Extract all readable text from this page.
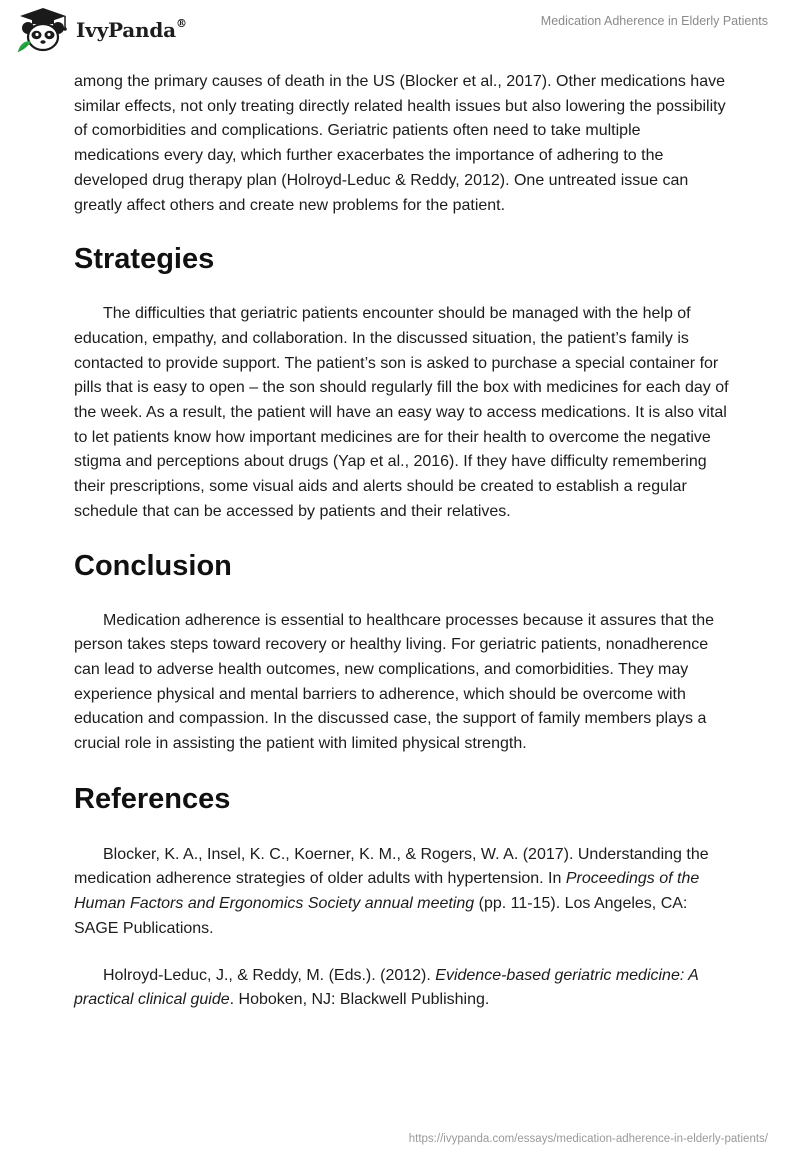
IvyPanda®	Medication Adherence in Elderly Patients

among the primary causes of death in the US (Blocker et al., 2017). Other medications have similar effects, not only treating directly related health issues but also lowering the possibility of comorbidities and complications. Geriatric patients often need to take multiple medications every day, which further exacerbates the importance of adhering to the developed drug therapy plan (Holroyd-Leduc & Reddy, 2012). One untreated issue can greatly affect others and create new problems for the patient.

Strategies

The difficulties that geriatric patients encounter should be managed with the help of education, empathy, and collaboration. In the discussed situation, the patient’s family is contacted to provide support. The patient’s son is asked to purchase a special container for pills that is easy to open – the son should regularly fill the box with medicines for each day of the week. As a result, the patient will have an easy way to access medications. It is also vital to let patients know how important medicines are for their health to overcome the negative stigma and perceptions about drugs (Yap et al., 2016). If they have difficulty remembering their prescriptions, some visual aids and alerts should be created to establish a regular schedule that can be accessed by patients and their relatives.

Conclusion

Medication adherence is essential to healthcare processes because it assures that the person takes steps toward recovery or healthy living. For geriatric patients, nonadherence can lead to adverse health outcomes, new complications, and comorbidities. They may experience physical and mental barriers to adherence, which should be overcome with education and compassion. In the discussed case, the support of family members plays a crucial role in assisting the patient with limited physical strength.

References

Blocker, K. A., Insel, K. C., Koerner, K. M., & Rogers, W. A. (2017). Understanding the medication adherence strategies of older adults with hypertension. In Proceedings of the Human Factors and Ergonomics Society annual meeting (pp. 11-15). Los Angeles, CA: SAGE Publications.

Holroyd-Leduc, J., & Reddy, M. (Eds.). (2012). Evidence-based geriatric medicine: A practical clinical guide. Hoboken, NJ: Blackwell Publishing.

https://ivypanda.com/essays/medication-adherence-in-elderly-patients/
